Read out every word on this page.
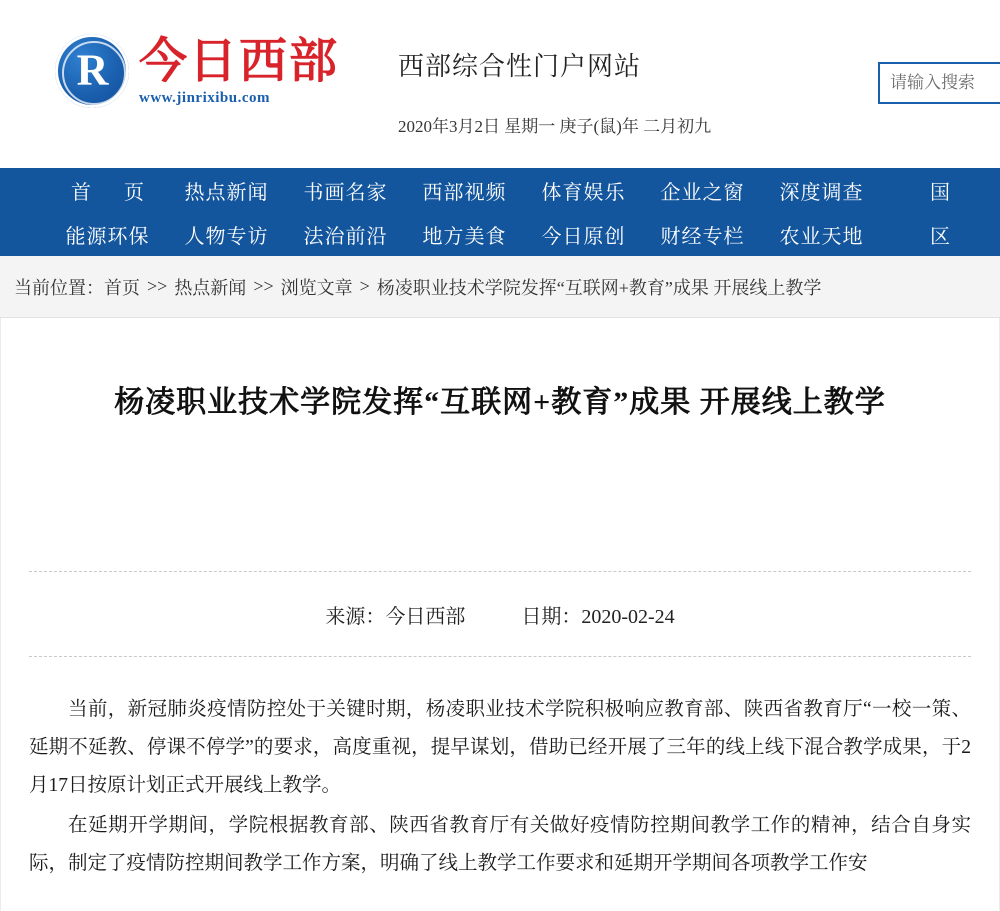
R
今日西部
www.jinrixibu.com
西部综合性门户网站
2020年3月2日 星期一 庚子(鼠)年 二月初九
请输入搜索
首 页	热点新闻	书画名家	西部视频	体育娱乐	企业之窗	深度调查	国
能源环保	人物专访	法治前沿	地方美食	今日原创	财经专栏	农业天地	区
当前位置： 首页 >> 热点新闻 >> 浏览文章 > 杨凌职业技术学院发挥“互联网+教育”成果 开展线上教学
杨凌职业技术学院发挥“互联网+教育”成果 开展线上教学
来源：今日西部	日期：2020-02-24

当前，新冠肺炎疫情防控处于关键时期，杨凌职业技术学院积极响应教育部、陕西省教育厅“一校一策、延期不延教、停课不停学”的要求，高度重视，提早谋划，借助已经开展了三年的线上线下混合教学成果，于2月17日按原计划正式开展线上教学。

在延期开学期间，学院根据教育部、陕西省教育厅有关做好疫情防控期间教学工作的精神，结合自身实际，制定了疫情防控期间教学工作方案，明确了线上教学工作要求和延期开学期间各项教学工作安
